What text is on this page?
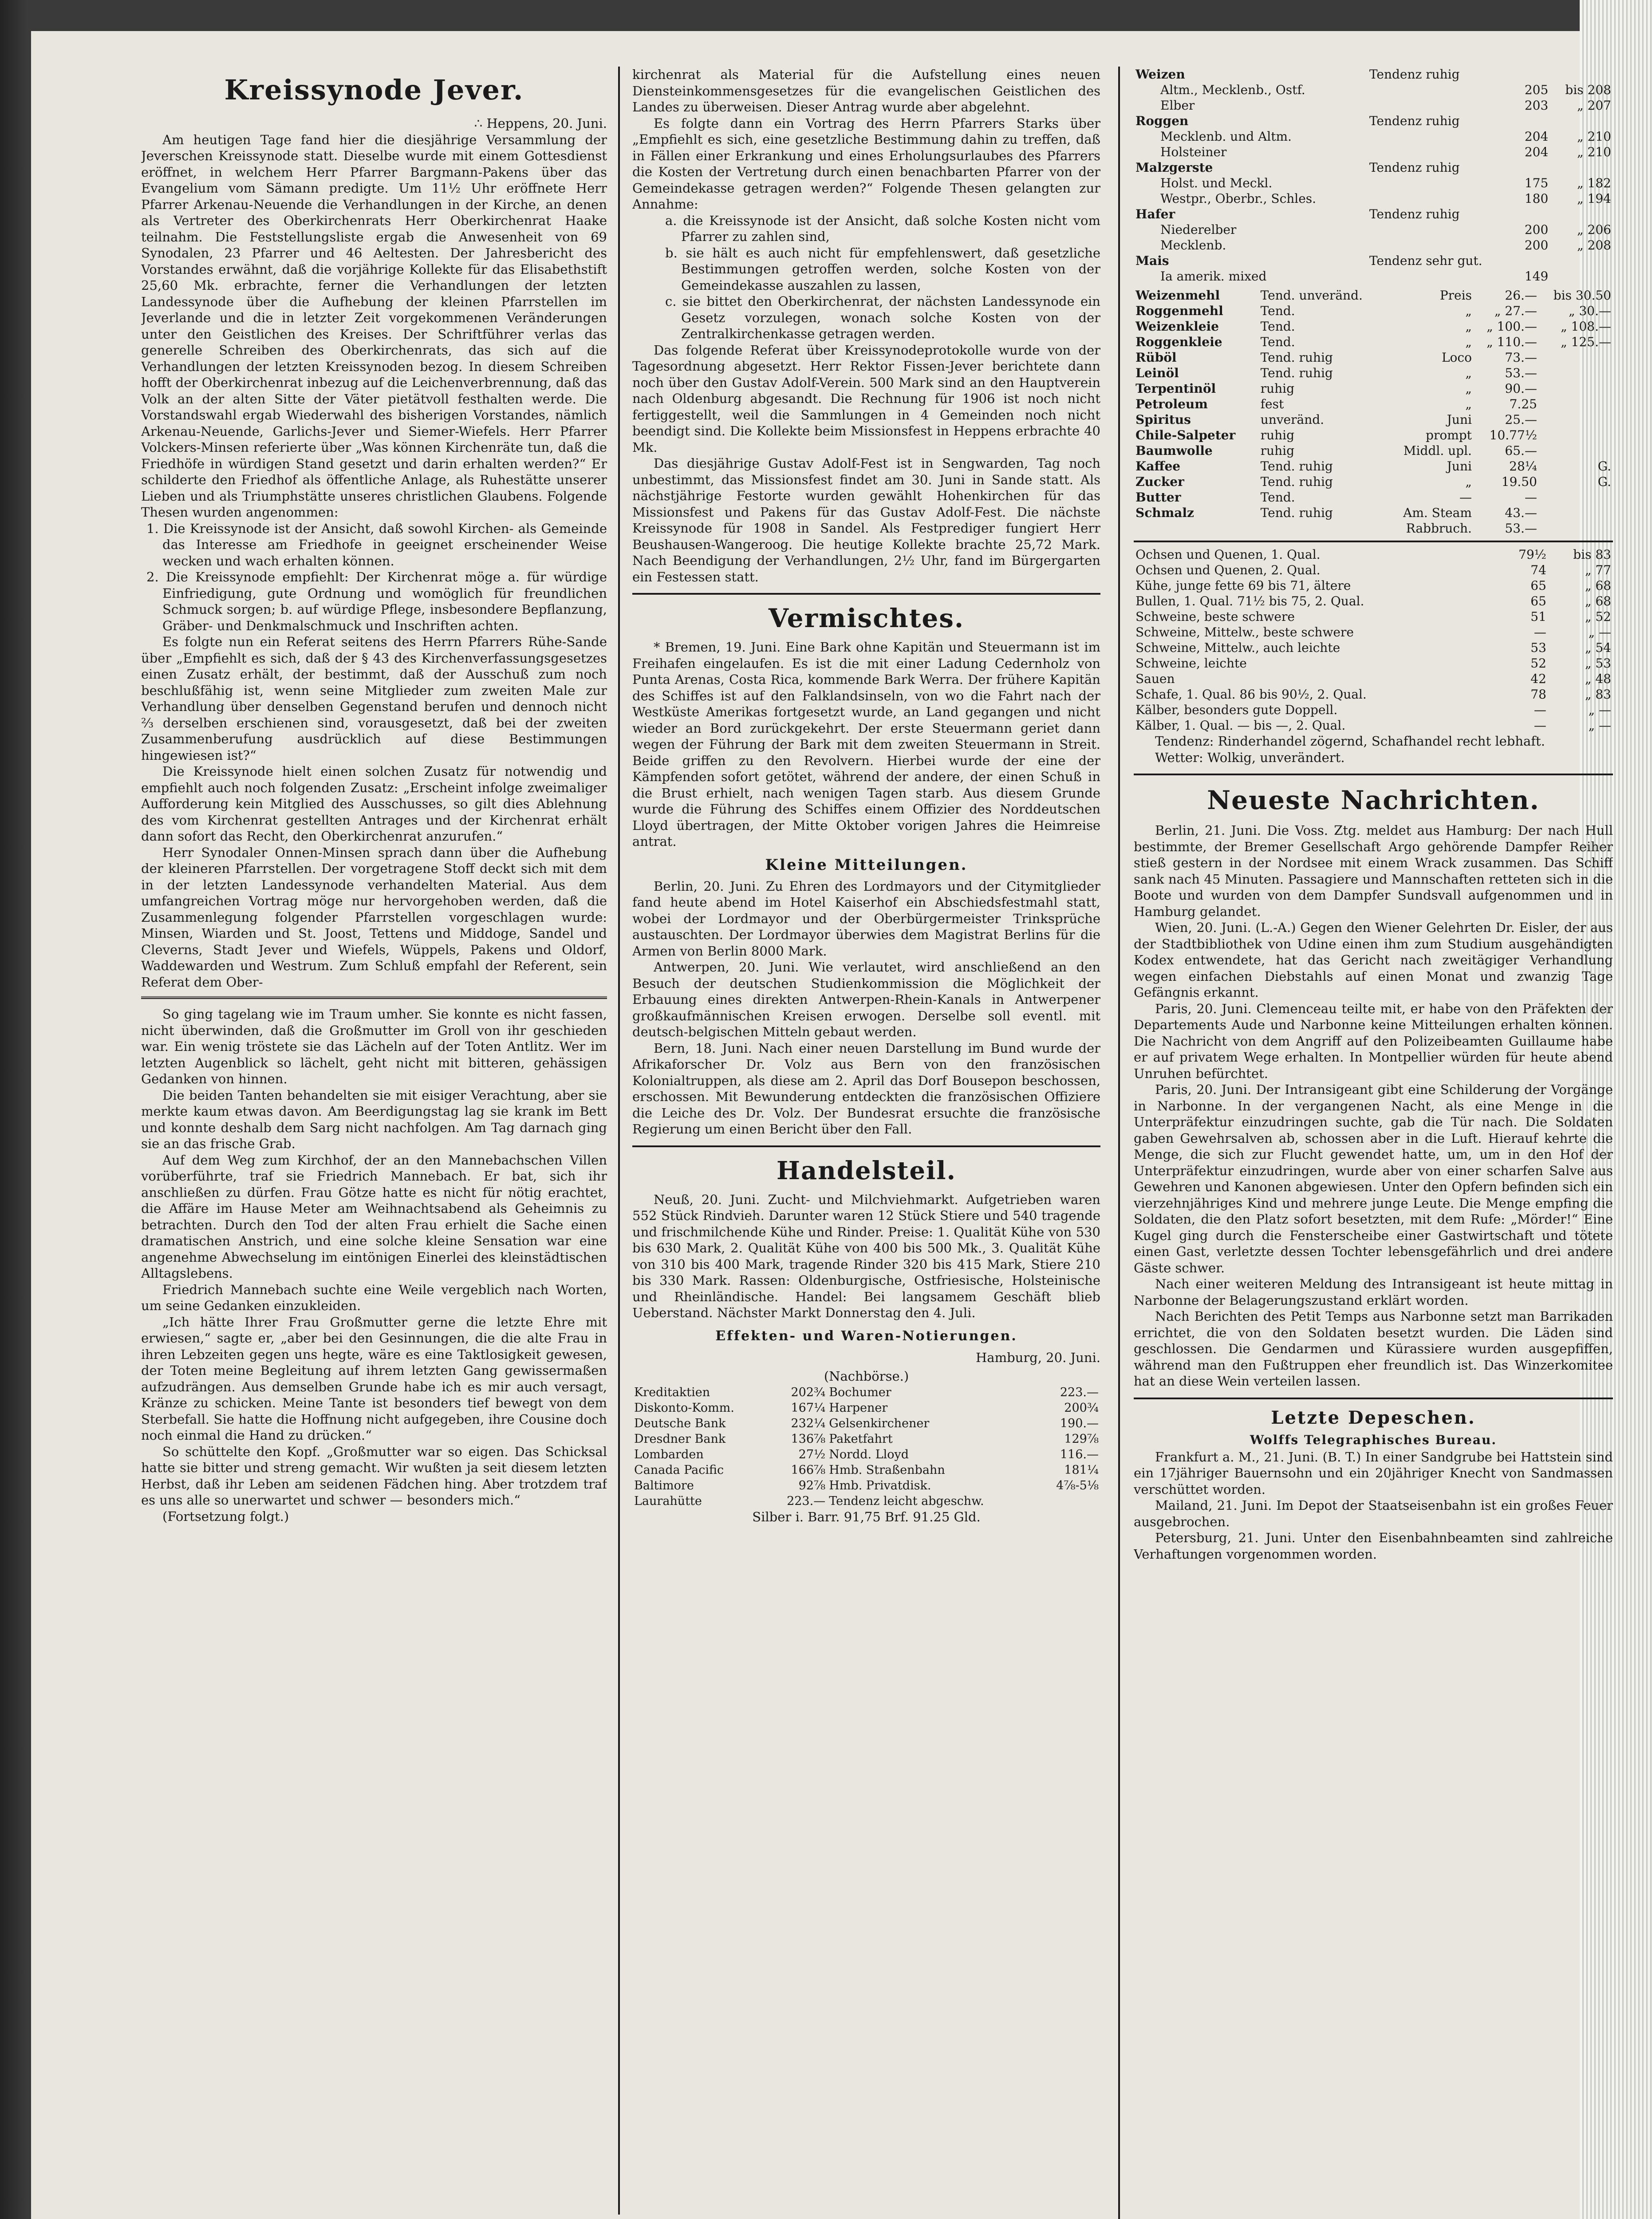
Kreissynode Jever.

∴ Heppens, 20. Juni.

Am heutigen Tage fand hier die diesjährige Versammlung der Jeverschen Kreissynode statt. Dieselbe wurde mit einem Gottesdienst eröffnet, in welchem Herr Pfarrer Bargmann-Pakens über das Evangelium vom Sämann predigte. Um 11½ Uhr eröffnete Herr Pfarrer Arkenau-Neuende die Verhandlungen in der Kirche, an denen als Vertreter des Oberkirchenrats Herr Oberkirchenrat Haake teilnahm. Die Feststellungsliste ergab die Anwesenheit von 69 Synodalen, 23 Pfarrer und 46 Aeltesten. Der Jahresbericht des Vorstandes erwähnt, daß die vorjährige Kollekte für das Elisabethstift 25,60 Mk. erbrachte, ferner die Verhandlungen der letzten Landessynode über die Aufhebung der kleinen Pfarrstellen im Jeverlande und die in letzter Zeit vorgekommenen Veränderungen unter den Geistlichen des Kreises. Der Schriftführer verlas das generelle Schreiben des Oberkirchenrats, das sich auf die Verhandlungen der letzten Kreissynoden bezog. In diesem Schreiben hofft der Oberkirchenrat inbezug auf die Leichenverbrennung, daß das Volk an der alten Sitte der Väter pietätvoll festhalten werde. Die Vorstandswahl ergab Wiederwahl des bisherigen Vorstandes, nämlich Arkenau-Neuende, Garlichs-Jever und Siemer-Wiefels. Herr Pfarrer Volckers-Minsen referierte über „Was können Kirchenräte tun, daß die Friedhöfe in würdigen Stand gesetzt und darin erhalten werden?“ Er schilderte den Friedhof als öffentliche Anlage, als Ruhestätte unserer Lieben und als Triumphstätte unseres christlichen Glaubens. Folgende Thesen wurden angenommen:

1. Die Kreissynode ist der Ansicht, daß sowohl Kirchen- als Gemeinde das Interesse am Friedhofe in geeignet erscheinender Weise wecken und wach erhalten können.
2. Die Kreissynode empfiehlt: Der Kirchenrat möge a. für würdige Einfriedigung, gute Ordnung und womöglich für freundlichen Schmuck sorgen; b. auf würdige Pflege, insbesondere Bepflanzung, Gräber- und Denkmalschmuck und Inschriften achten.

Es folgte nun ein Referat seitens des Herrn Pfarrers Rühe-Sande über „Empfiehlt es sich, daß der § 43 des Kirchenverfassungsgesetzes einen Zusatz erhält, der bestimmt, daß der Ausschuß zum noch beschlußfähig ist, wenn seine Mitglieder zum zweiten Male zur Verhandlung über denselben Gegenstand berufen und dennoch nicht ⅔ derselben erschienen sind, vorausgesetzt, daß bei der zweiten Zusammenberufung ausdrücklich auf diese Bestimmungen hingewiesen ist?“

Die Kreissynode hielt einen solchen Zusatz für notwendig und empfiehlt auch noch folgenden Zusatz: „Erscheint infolge zweimaliger Aufforderung kein Mitglied des Ausschusses, so gilt dies Ablehnung des vom Kirchenrat gestellten Antrages und der Kirchenrat erhält dann sofort das Recht, den Oberkirchenrat anzurufen.“

Herr Synodaler Onnen-Minsen sprach dann über die Aufhebung der kleineren Pfarrstellen. Der vorgetragene Stoff deckt sich mit dem in der letzten Landessynode verhandelten Material. Aus dem umfangreichen Vortrag möge nur hervorgehoben werden, daß die Zusammenlegung folgender Pfarrstellen vorgeschlagen wurde: Minsen, Wiarden und St. Joost, Tettens und Middoge, Sandel und Cleverns, Stadt Jever und Wiefels, Wüppels, Pakens und Oldorf, Waddewarden und Westrum. Zum Schluß empfahl der Referent, sein Referat dem Ober-

So ging tagelang wie im Traum umher. Sie konnte es nicht fassen, nicht überwinden, daß die Großmutter im Groll von ihr geschieden war. Ein wenig tröstete sie das Lächeln auf der Toten Antlitz. Wer im letzten Augenblick so lächelt, geht nicht mit bitteren, gehässigen Gedanken von hinnen.

Die beiden Tanten behandelten sie mit eisiger Verachtung, aber sie merkte kaum etwas davon. Am Beerdigungstag lag sie krank im Bett und konnte deshalb dem Sarg nicht nachfolgen. Am Tag darnach ging sie an das frische Grab.

Auf dem Weg zum Kirchhof, der an den Mannebachschen Villen vorüberführte, traf sie Friedrich Mannebach. Er bat, sich ihr anschließen zu dürfen. Frau Götze hatte es nicht für nötig erachtet, die Affäre im Hause Meter am Weihnachtsabend als Geheimnis zu betrachten. Durch den Tod der alten Frau erhielt die Sache einen dramatischen Anstrich, und eine solche kleine Sensation war eine angenehme Abwechselung im eintönigen Einerlei des kleinstädtischen Alltagslebens.

Friedrich Mannebach suchte eine Weile vergeblich nach Worten, um seine Gedanken einzukleiden.

„Ich hätte Ihrer Frau Großmutter gerne die letzte Ehre mit erwiesen,“ sagte er, „aber bei den Gesinnungen, die die alte Frau in ihren Lebzeiten gegen uns hegte, wäre es eine Taktlosigkeit gewesen, der Toten meine Begleitung auf ihrem letzten Gang gewissermaßen aufzudrängen. Aus demselben Grunde habe ich es mir auch versagt, Kränze zu schicken. Meine Tante ist besonders tief bewegt von dem Sterbefall. Sie hatte die Hoffnung nicht aufgegeben, ihre Cousine doch noch einmal die Hand zu drücken.“

So schüttelte den Kopf. „Großmutter war so eigen. Das Schicksal hatte sie bitter und streng gemacht. Wir wußten ja seit diesem letzten Herbst, daß ihr Leben am seidenen Fädchen hing. Aber trotzdem traf es uns alle so unerwartet und schwer — besonders mich.“

(Fortsetzung folgt.)

kirchenrat als Material für die Aufstellung eines neuen Diensteinkommensgesetzes für die evangelischen Geistlichen des Landes zu überweisen. Dieser Antrag wurde aber abgelehnt.

Es folgte dann ein Vortrag des Herrn Pfarrers Starks über „Empfiehlt es sich, eine gesetzliche Bestimmung dahin zu treffen, daß in Fällen einer Erkrankung und eines Erholungsurlaubes des Pfarrers die Kosten der Vertretung durch einen benachbarten Pfarrer von der Gemeindekasse getragen werden?“ Folgende Thesen gelangten zur Annahme:

a. die Kreissynode ist der Ansicht, daß solche Kosten nicht vom Pfarrer zu zahlen sind,
b. sie hält es auch nicht für empfehlenswert, daß gesetzliche Bestimmungen getroffen werden, solche Kosten von der Gemeindekasse auszahlen zu lassen,
c. sie bittet den Oberkirchenrat, der nächsten Landessynode ein Gesetz vorzulegen, wonach solche Kosten von der Zentralkirchenkasse getragen werden.

Das folgende Referat über Kreissynodeprotokolle wurde von der Tagesordnung abgesetzt. Herr Rektor Fissen-Jever berichtete dann noch über den Gustav Adolf-Verein. 500 Mark sind an den Hauptverein nach Oldenburg abgesandt. Die Rechnung für 1906 ist noch nicht fertiggestellt, weil die Sammlungen in 4 Gemeinden noch nicht beendigt sind. Die Kollekte beim Missionsfest in Heppens erbrachte 40 Mk.

Das diesjährige Gustav Adolf-Fest ist in Sengwarden, Tag noch unbestimmt, das Missionsfest findet am 30. Juni in Sande statt. Als nächstjährige Festorte wurden gewählt Hohenkirchen für das Missionsfest und Pakens für das Gustav Adolf-Fest. Die nächste Kreissynode für 1908 in Sandel. Als Festprediger fungiert Herr Beushausen-Wangeroog. Die heutige Kollekte brachte 25,72 Mark. Nach Beendigung der Verhandlungen, 2½ Uhr, fand im Bürgergarten ein Festessen statt.

Vermischtes.

* Bremen, 19. Juni. Eine Bark ohne Kapitän und Steuermann ist im Freihafen eingelaufen. Es ist die mit einer Ladung Cedernholz von Punta Arenas, Costa Rica, kommende Bark Werra. Der frühere Kapitän des Schiffes ist auf den Falklandsinseln, von wo die Fahrt nach der Westküste Amerikas fortgesetzt wurde, an Land gegangen und nicht wieder an Bord zurückgekehrt. Der erste Steuermann geriet dann wegen der Führung der Bark mit dem zweiten Steuermann in Streit. Beide griffen zu den Revolvern. Hierbei wurde der eine der Kämpfenden sofort getötet, während der andere, der einen Schuß in die Brust erhielt, nach wenigen Tagen starb. Aus diesem Grunde wurde die Führung des Schiffes einem Offizier des Norddeutschen Lloyd übertragen, der Mitte Oktober vorigen Jahres die Heimreise antrat.

Kleine Mitteilungen.

Berlin, 20. Juni. Zu Ehren des Lordmayors und der Citymitglieder fand heute abend im Hotel Kaiserhof ein Abschiedsfestmahl statt, wobei der Lordmayor und der Oberbürgermeister Trinksprüche austauschten. Der Lordmayor überwies dem Magistrat Berlins für die Armen von Berlin 8000 Mark.

Antwerpen, 20. Juni. Wie verlautet, wird anschließend an den Besuch der deutschen Studienkommission die Möglichkeit der Erbauung eines direkten Antwerpen-Rhein-Kanals in Antwerpener großkaufmännischen Kreisen erwogen. Derselbe soll eventl. mit deutsch-belgischen Mitteln gebaut werden.

Bern, 18. Juni. Nach einer neuen Darstellung im Bund wurde der Afrikaforscher Dr. Volz aus Bern von den französischen Kolonialtruppen, als diese am 2. April das Dorf Bousepon beschossen, erschossen. Mit Bewunderung entdeckten die französischen Offiziere die Leiche des Dr. Volz. Der Bundesrat ersuchte die französische Regierung um einen Bericht über den Fall.

Handelsteil.

Neuß, 20. Juni. Zucht- und Milchviehmarkt. Aufgetrieben waren 552 Stück Rindvieh. Darunter waren 12 Stück Stiere und 540 tragende und frischmilchende Kühe und Rinder. Preise: 1. Qualität Kühe von 530 bis 630 Mark, 2. Qualität Kühe von 400 bis 500 Mk., 3. Qualität Kühe von 310 bis 400 Mark, tragende Rinder 320 bis 415 Mark, Stiere 210 bis 330 Mark. Rassen: Oldenburgische, Ostfriesische, Holsteinische und Rheinländische. Handel: Bei langsamem Geschäft blieb Ueberstand. Nächster Markt Donnerstag den 4. Juli.

Effekten- und Waren-Notierungen.
Hamburg, 20. Juni.
(Nachbörse.)
Kreditaktien	202¾	Bochumer	223.—
Diskonto-Komm.	167¼	Harpener	200¾
Deutsche Bank	232¼	Gelsenkirchener	190.—
Dresdner Bank	136⅞	Paketfahrt	129⅞
Lombarden	27½	Nordd. Lloyd	116.—
Canada Pacific	166⅞	Hmb. Straßenbahn	181¼
Baltimore	92⅞	Hmb. Privatdisk.	4⅞-5⅛
Laurahütte	223.—	Tendenz leicht abgeschw.	
Silber i. Barr. 91,75 Brf. 91.25 Gld.
Weizen	Tendenz ruhig		
  Altm., Mecklenb., Ostf.		205	bis 208
  Elber		203	„ 207
Roggen	Tendenz ruhig		
  Mecklenb. und Altm.		204	„ 210
  Holsteiner		204	„ 210
Malzgerste	Tendenz ruhig		
  Holst. und Meckl.		175	„ 182
  Westpr., Oberbr., Schles.		180	„ 194
Hafer	Tendenz ruhig		
  Niederelber		200	„ 206
  Mecklenb.		200	„ 208
Mais	Tendenz sehr gut.		
  Ia amerik. mixed		149	
Weizenmehl	Tend. unveränd.	Preis	26.—	bis 30.50
Roggenmehl	Tend.	„	„ 27.—	„ 30.—
Weizenkleie	Tend.	„	„ 100.—	„ 108.—
Roggenkleie	Tend.	„	„ 110.—	„ 125.—
Rüböl	Tend. ruhig	Loco	73.—	
Leinöl	Tend. ruhig	„	53.—	
Terpentinöl	ruhig	„	90.—	
Petroleum	fest	„	7.25	
Spiritus	unveränd.	Juni	25.—	
Chile-Salpeter	ruhig	prompt	10.77½	
Baumwolle	ruhig	Middl. upl.	65.—	
Kaffee	Tend. ruhig	Juni	28¼	G.
Zucker	Tend. ruhig	„	19.50	G.
Butter	Tend.	—	—	
Schmalz	Tend. ruhig	Am. Steam	43.—	
		Rabbruch.	53.—	
Ochsen und Quenen, 1. Qual.	79½	bis 83
Ochsen und Quenen, 2. Qual.	74	„ 77
Kühe, junge fette 69 bis 71, ältere	65	„ 68
Bullen, 1. Qual. 71½ bis 75, 2. Qual.	65	„ 68
Schweine, beste schwere	51	„ 52
Schweine, Mittelw., beste schwere	—	„ —
Schweine, Mittelw., auch leichte	53	„ 54
Schweine, leichte	52	„ 53
Sauen	42	„ 48
Schafe, 1. Qual. 86 bis 90½, 2. Qual.	78	„ 83
Kälber, besonders gute Doppell.	—	„ —
Kälber, 1. Qual. — bis —, 2. Qual.	—	„ —

Tendenz: Rinderhandel zögernd, Schafhandel recht lebhaft.

Wetter: Wolkig, unverändert.

Neueste Nachrichten.

Berlin, 21. Juni. Die Voss. Ztg. meldet aus Hamburg: Der nach Hull bestimmte, der Bremer Gesellschaft Argo gehörende Dampfer Reiher stieß gestern in der Nordsee mit einem Wrack zusammen. Das Schiff sank nach 45 Minuten. Passagiere und Mannschaften retteten sich in die Boote und wurden von dem Dampfer Sundsvall aufgenommen und in Hamburg gelandet.

Wien, 20. Juni. (L.-A.) Gegen den Wiener Gelehrten Dr. Eisler, der aus der Stadtbibliothek von Udine einen ihm zum Studium ausgehändigten Kodex entwendete, hat das Gericht nach zweitägiger Verhandlung wegen einfachen Diebstahls auf einen Monat und zwanzig Tage Gefängnis erkannt.

Paris, 20. Juni. Clemenceau teilte mit, er habe von den Präfekten der Departements Aude und Narbonne keine Mitteilungen erhalten können. Die Nachricht von dem Angriff auf den Polizeibeamten Guillaume habe er auf privatem Wege erhalten. In Montpellier würden für heute abend Unruhen befürchtet.

Paris, 20. Juni. Der Intransigeant gibt eine Schilderung der Vorgänge in Narbonne. In der vergangenen Nacht, als eine Menge in die Unterpräfektur einzudringen suchte, gab die Tür nach. Die Soldaten gaben Gewehrsalven ab, schossen aber in die Luft. Hierauf kehrte die Menge, die sich zur Flucht gewendet hatte, um, um in den Hof der Unterpräfektur einzudringen, wurde aber von einer scharfen Salve aus Gewehren und Kanonen abgewiesen. Unter den Opfern befinden sich ein vierzehnjähriges Kind und mehrere junge Leute. Die Menge empfing die Soldaten, die den Platz sofort besetzten, mit dem Rufe: „Mörder!“ Eine Kugel ging durch die Fensterscheibe einer Gastwirtschaft und tötete einen Gast, verletzte dessen Tochter lebensgefährlich und drei andere Gäste schwer.

Nach einer weiteren Meldung des Intransigeant ist heute mittag in Narbonne der Belagerungszustand erklärt worden.

Nach Berichten des Petit Temps aus Narbonne setzt man Barrikaden errichtet, die von den Soldaten besetzt wurden. Die Läden sind geschlossen. Die Gendarmen und Kürassiere wurden ausgepfiffen, während man den Fußtruppen eher freundlich ist. Das Winzerkomitee hat an diese Wein verteilen lassen.

Letzte Depeschen.
Wolffs Telegraphisches Bureau.

Frankfurt a. M., 21. Juni. (B. T.) In einer Sandgrube bei Hattstein sind ein 17jähriger Bauernsohn und ein 20jähriger Knecht von Sandmassen verschüttet worden.

Mailand, 21. Juni. Im Depot der Staatseisenbahn ist ein großes Feuer ausgebrochen.

Petersburg, 21. Juni. Unter den Eisenbahnbeamten sind zahlreiche Verhaftungen vorgenommen worden.
